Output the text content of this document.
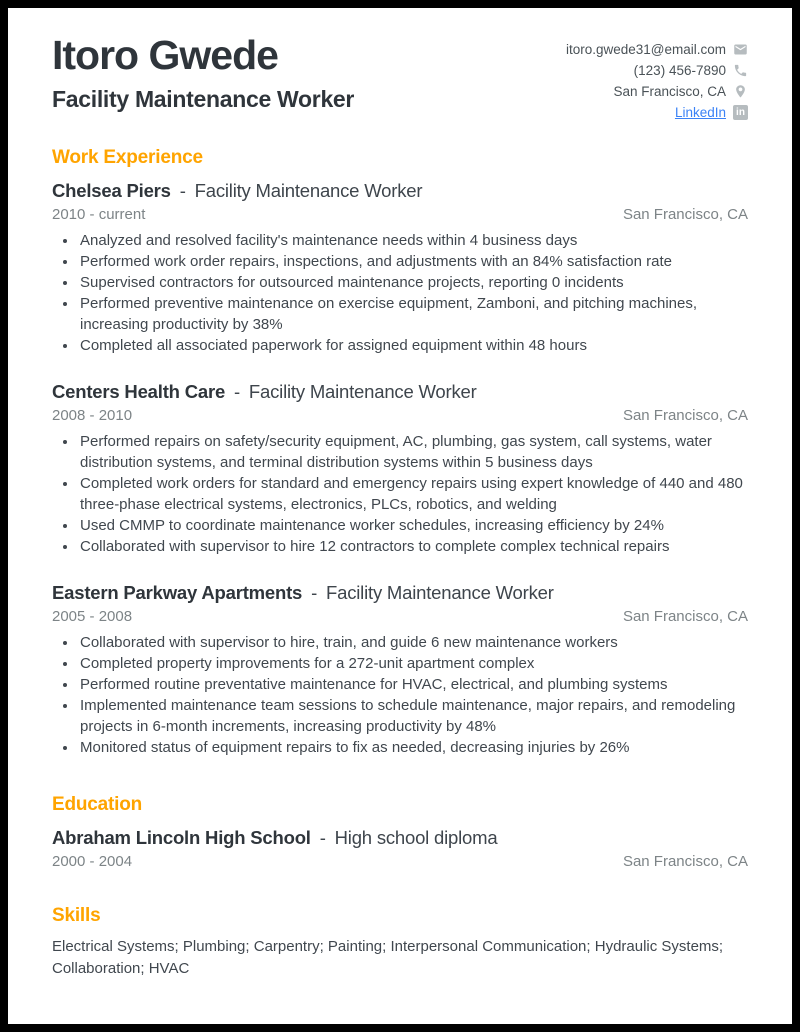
Itoro Gwede
Facility Maintenance Worker
itoro.gwede31@email.com
(123) 456-7890
San Francisco, CA
LinkedIn	in
Work Experience
Chelsea Piers - Facility Maintenance Worker
2010 - current	San Francisco, CA
• Analyzed and resolved facility's maintenance needs within 4 business days
• Performed work order repairs, inspections, and adjustments with an 84% satisfaction rate
• Supervised contractors for outsourced maintenance projects, reporting 0 incidents
• Performed preventive maintenance on exercise equipment, Zamboni, and pitching machines, increasing productivity by 38%
• Completed all associated paperwork for assigned equipment within 48 hours
Centers Health Care - Facility Maintenance Worker
2008 - 2010	San Francisco, CA
• Performed repairs on safety/security equipment, AC, plumbing, gas system, call systems, water distribution systems, and terminal distribution systems within 5 business days
• Completed work orders for standard and emergency repairs using expert knowledge of 440 and 480 three-phase electrical systems, electronics, PLCs, robotics, and welding
• Used CMMP to coordinate maintenance worker schedules, increasing efficiency by 24%
• Collaborated with supervisor to hire 12 contractors to complete complex technical repairs
Eastern Parkway Apartments - Facility Maintenance Worker
2005 - 2008	San Francisco, CA
• Collaborated with supervisor to hire, train, and guide 6 new maintenance workers
• Completed property improvements for a 272-unit apartment complex
• Performed routine preventative maintenance for HVAC, electrical, and plumbing systems
• Implemented maintenance team sessions to schedule maintenance, major repairs, and remodeling projects in 6-month increments, increasing productivity by 48%
• Monitored status of equipment repairs to fix as needed, decreasing injuries by 26%
Education
Abraham Lincoln High School - High school diploma
2000 - 2004	San Francisco, CA
Skills
Electrical Systems; Plumbing; Carpentry; Painting; Interpersonal Communication; Hydraulic Systems; Collaboration; HVAC
